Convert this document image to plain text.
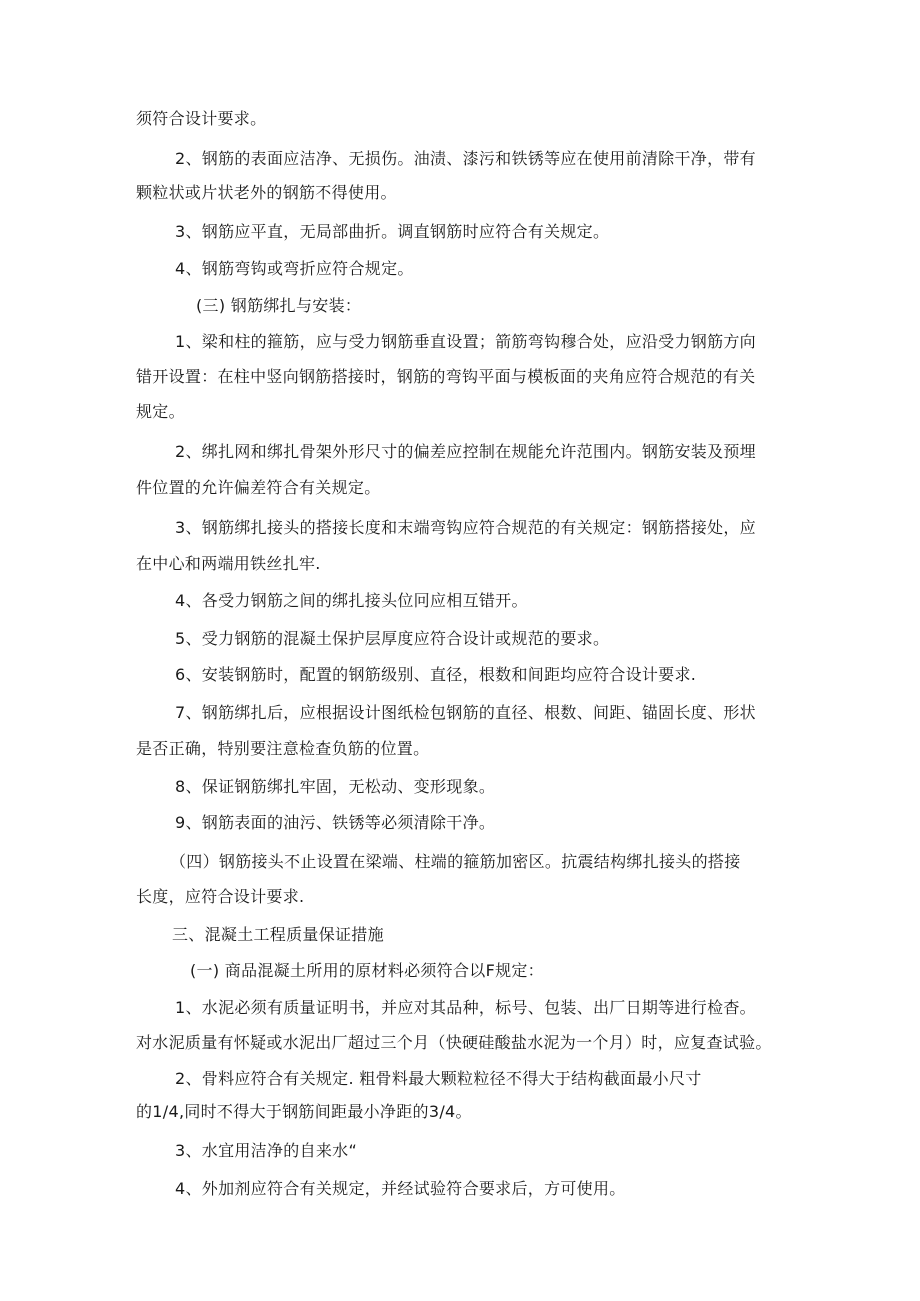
须符合设计要求。
2、钢筋的表面应洁净、无损伤。油渍、漆污和铁锈等应在使用前清除干净，带有
颗粒状或片状老外的钢筋不得使用。
3、钢筋应平直，无局部曲折。调直钢筋时应符合有关规定。
4、钢筋弯钩或弯折应符合规定。
(三) 钢筋绑扎与安装：
1、梁和柱的箍筋，应与受力钢筋垂直设置；箭筋弯钩穆合处，应沿受力钢筋方向
错开设置：在柱中竖向钢筋搭接时，钢筋的弯钩平面与模板面的夹角应符合规范的有关
规定。
2、绑扎网和绑扎骨架外形尺寸的偏差应控制在规能允许范围内。钢筋安装及预埋
件位置的允许偏差符合有关规定。
3、钢筋绑扎接头的搭接长度和末端弯钩应符合规范的有关规定：钢筋搭接处，应
在中心和两端用铁丝扎牢.
4、各受力钢筋之间的绑扎接头位冋应相互错开。
5、受力钢筋的混凝土保护层厚度应符合设计或规范的要求。
6、安装钢筋时，配置的钢筋级别、直径，根数和间距均应符合设计要求.
7、钢筋绑扎后，应根据设计图纸检包钢筋的直径、根数、间距、锚固长度、形状
是否正确，特别要注意检查负筋的位置。
8、保证钢筋绑扎牢固，无松动、变形现象。
9、钢筋表面的油污、铁锈等必须清除干净。
（四）钢筋接头不止设置在梁端、柱端的箍筋加密区。抗震结构绑扎接头的搭接
长度，应符合设计要求.
三、混凝土工程质量保证措施
(一) 商品混凝土所用的原材料必须符合以F规定：
1、水泥必须有质量证明书，并应对其品种，标号、包装、出厂日期等进行检杳。
对水泥质量有怀疑或水泥出厂超过三个月（快硬硅酸盐水泥为一个月）时，应复查试验。
2、骨料应符合有关规定. 粗骨料最大颗粒粒径不得大于结构截面最小尺寸
的1/4,同时不得大于钢筋间距最小净距的3/4。
3、水宜用洁净的自来水“
4、外加剂应符合有关规定，并经试验符合要求后，方可使用。
